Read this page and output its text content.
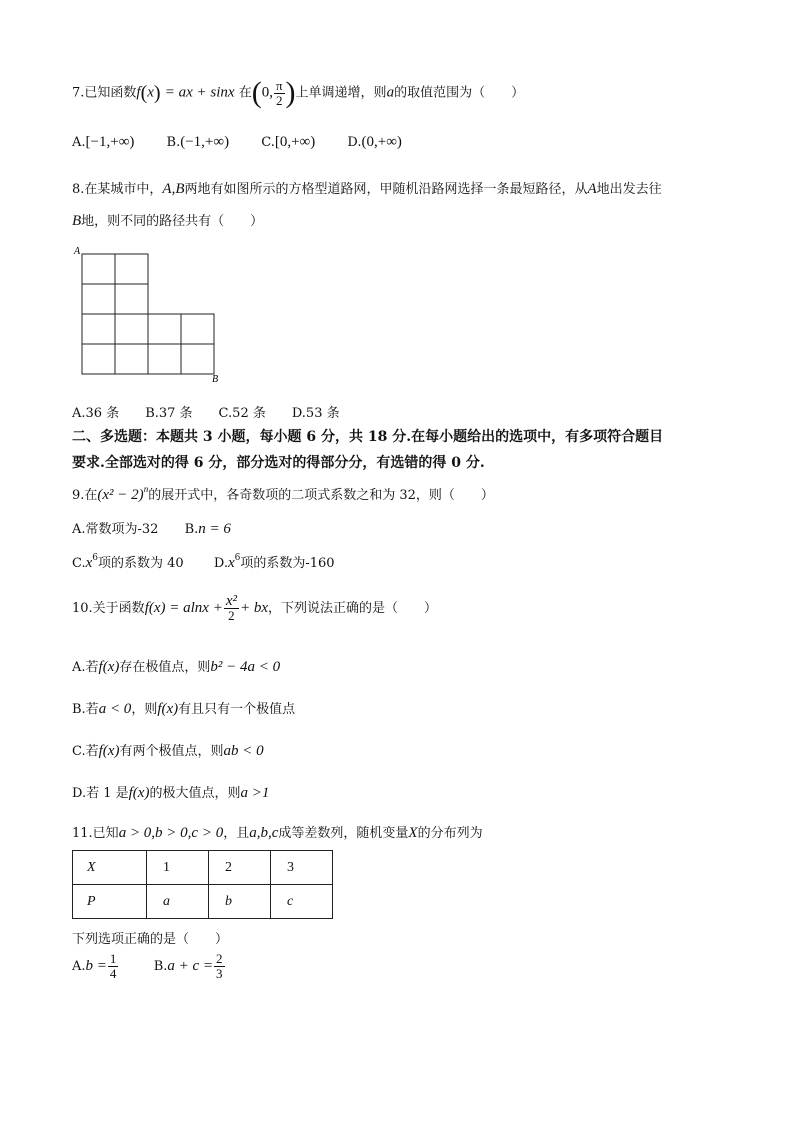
7.已知函数f(x) = ax + sinx 在(0, $\frac{\pi}{2}$ )上单调递增，则a的取值范围为（　　）
A.[−1,+∞) B.(−1,+∞) C.[0,+∞) D.(0,+∞)
8.在某城市中，A,B两地有如图所示的方格型道路网，甲随机沿路网选择一条最短路径，从A地出发去往
B地，则不同的路径共有（　　）
A
B
A.36 条　　B.37 条　　C.52 条　　D.53 条
二、多选题：本题共 3 小题，每小题 6 分，共 18 分.在每小题给出的选项中，有多项符合题目
要求.全部选对的得 6 分，部分选对的得部分分，有选错的得 0 分.
9.在$(x^2 - 2)^n$的展开式中，各奇数项的二项式系数之和为 32，则（　　）
A.常数项为-32 B.n = 6
$C.x^6$项的系数为 40 $D.x^6$项的系数为-160
10.关于函数$f(x) = alnx + \frac{\text{x²}}{2}$ + bx，下列说法正确的是（　　）
A.若f(x)存在极值点，则b² − 4a < 0
B.若a < 0，则f(x)有且只有一个极值点
C.若f(x)有两个极值点，则ab < 0
D.若 1 是f(x)的极大值点，则a >1
11.已知a > 0,b > 0,c > 0，且a,b,c成等差数列，随机变量X的分布列为
X	1	2	3
P	a	b	c
下列选项正确的是（　　）
$A.b = \frac{1}{4}$	$B.a + c = \frac{2}{3}$
